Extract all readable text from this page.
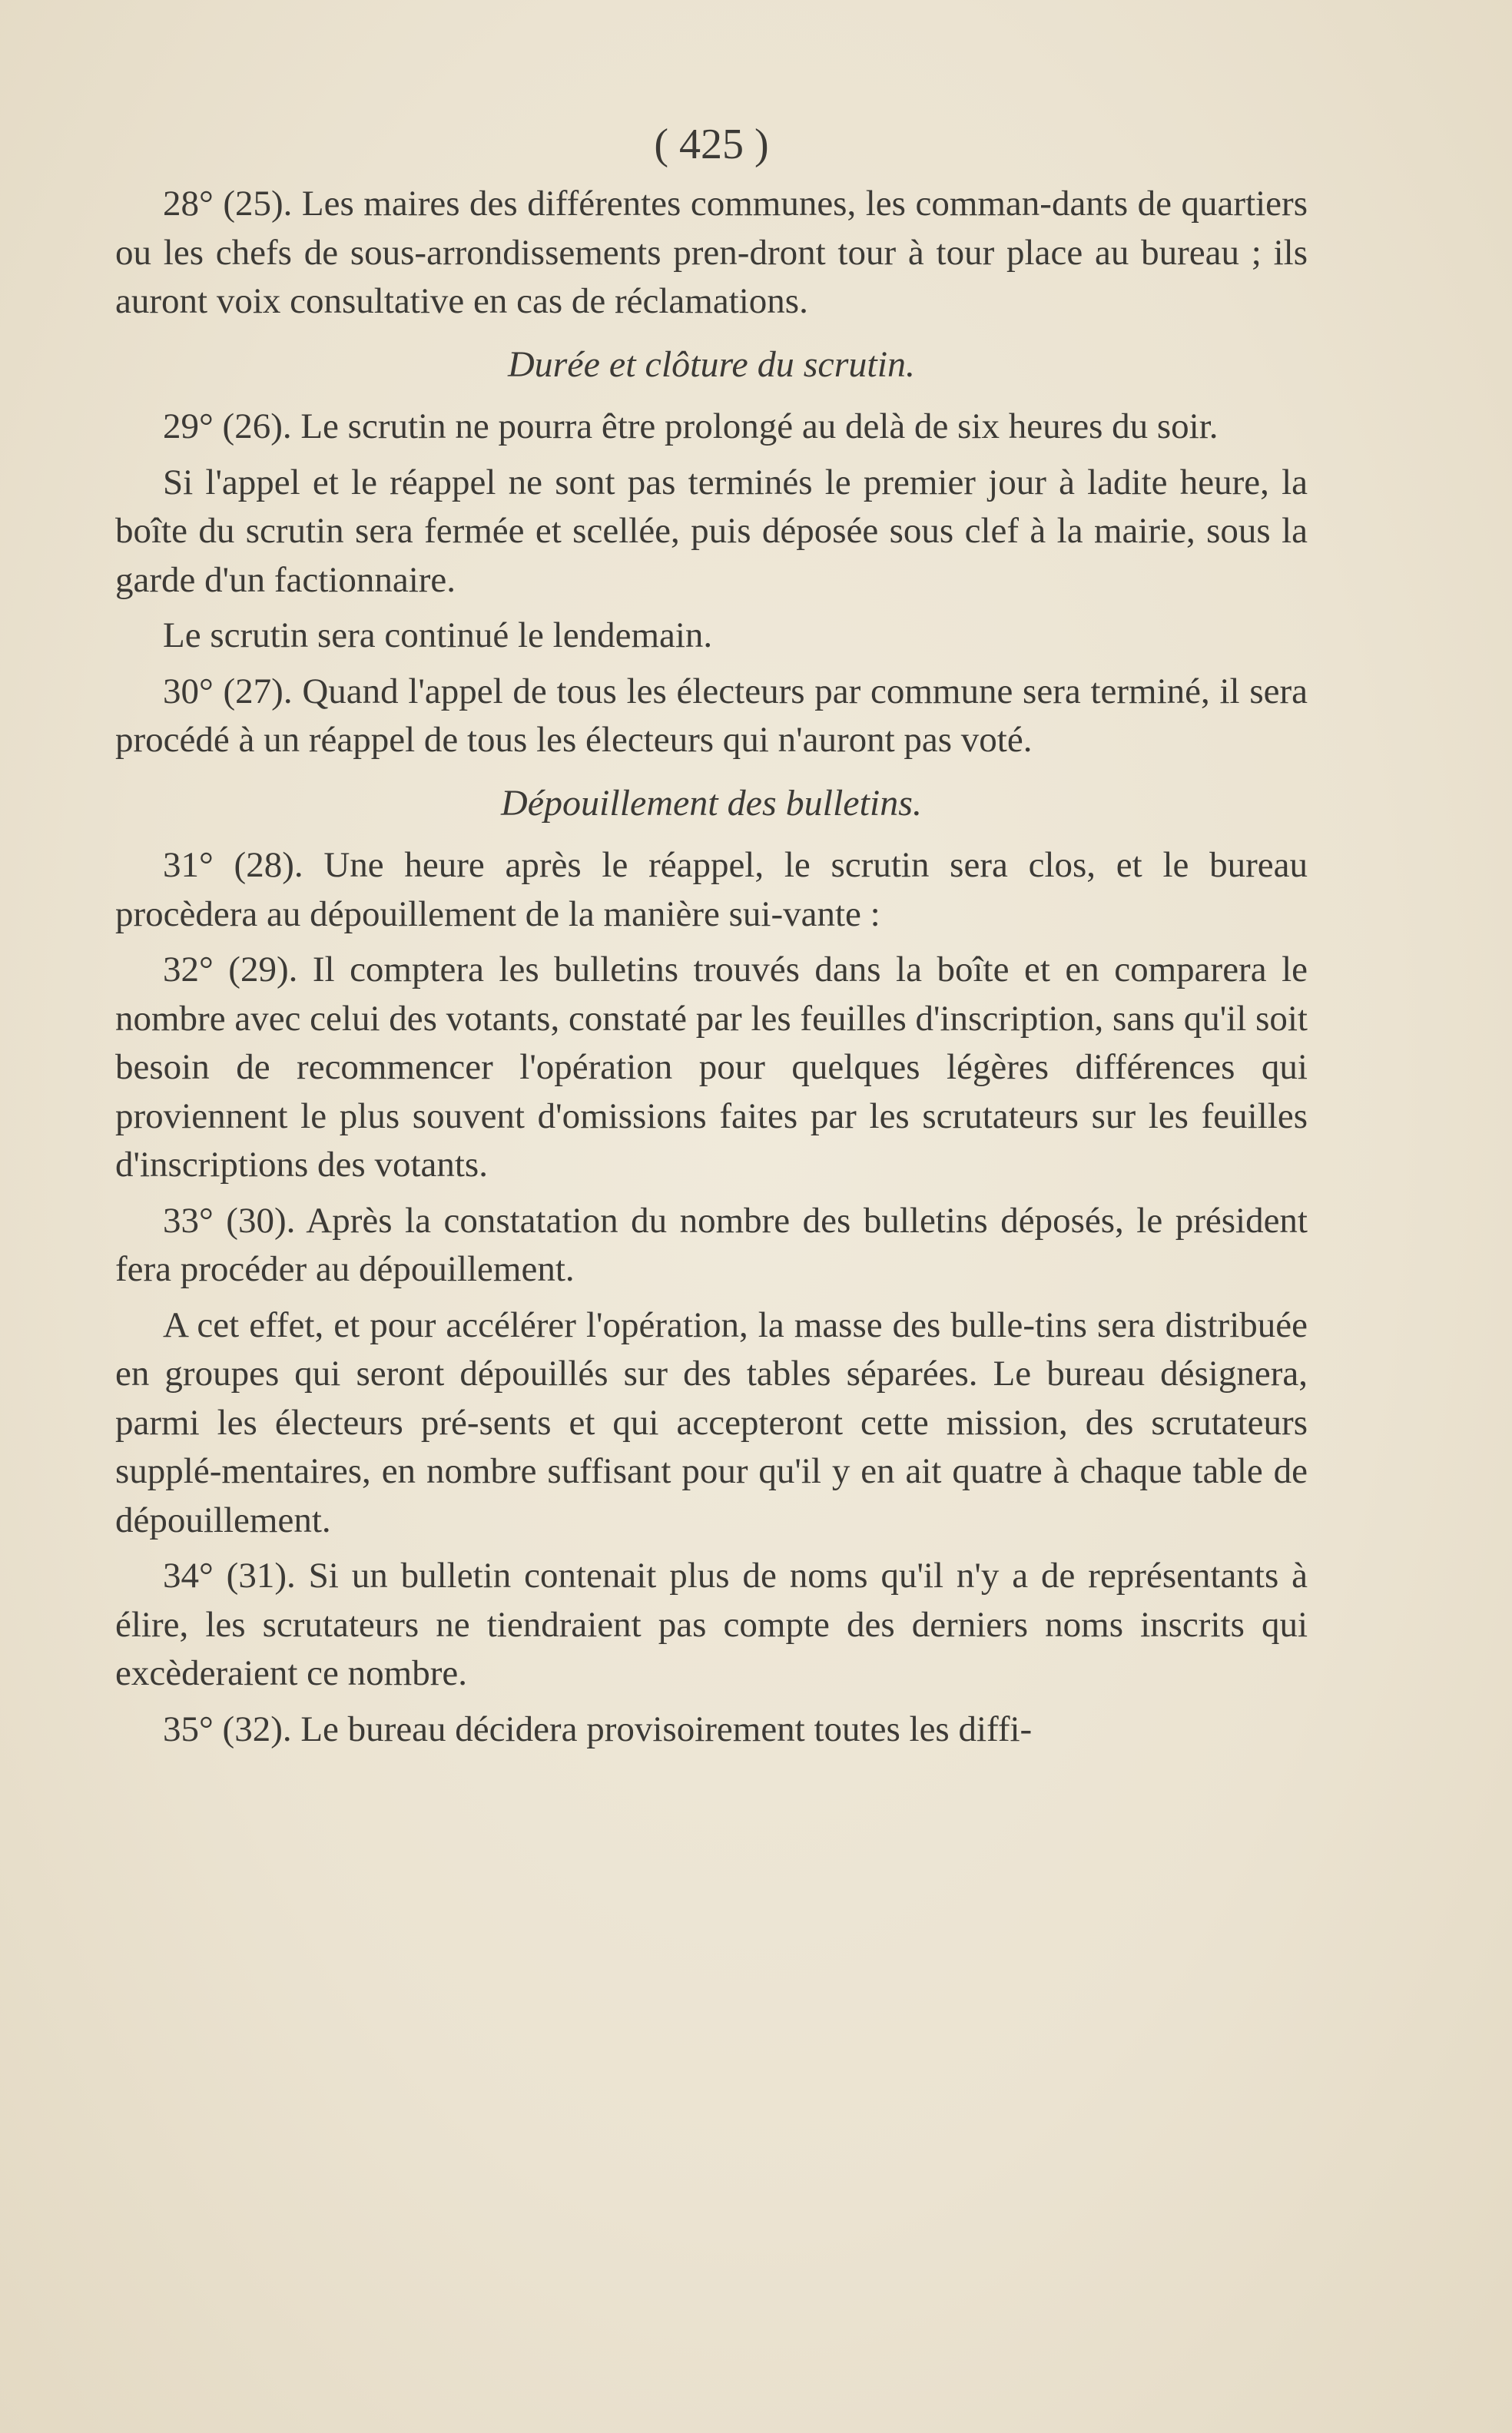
( 425 )

28° (25). Les maires des différentes communes, les comman-dants de quartiers ou les chefs de sous-arrondissements pren-dront tour à tour place au bureau ; ils auront voix consultative en cas de réclamations.

Durée et clôture du scrutin.

29° (26). Le scrutin ne pourra être prolongé au delà de six heures du soir.

Si l'appel et le réappel ne sont pas terminés le premier jour à ladite heure, la boîte du scrutin sera fermée et scellée, puis déposée sous clef à la mairie, sous la garde d'un factionnaire.

Le scrutin sera continué le lendemain.

30° (27). Quand l'appel de tous les électeurs par commune sera terminé, il sera procédé à un réappel de tous les électeurs qui n'auront pas voté.

Dépouillement des bulletins.

31° (28). Une heure après le réappel, le scrutin sera clos, et le bureau procèdera au dépouillement de la manière sui-vante :

32° (29). Il comptera les bulletins trouvés dans la boîte et en comparera le nombre avec celui des votants, constaté par les feuilles d'inscription, sans qu'il soit besoin de recommencer l'opération pour quelques légères différences qui proviennent le plus souvent d'omissions faites par les scrutateurs sur les feuilles d'inscriptions des votants.

33° (30). Après la constatation du nombre des bulletins déposés, le président fera procéder au dépouillement.

A cet effet, et pour accélérer l'opération, la masse des bulle-tins sera distribuée en groupes qui seront dépouillés sur des tables séparées. Le bureau désignera, parmi les électeurs pré-sents et qui accepteront cette mission, des scrutateurs supplé-mentaires, en nombre suffisant pour qu'il y en ait quatre à chaque table de dépouillement.

34° (31). Si un bulletin contenait plus de noms qu'il n'y a de représentants à élire, les scrutateurs ne tiendraient pas compte des derniers noms inscrits qui excèderaient ce nombre.

35° (32). Le bureau décidera provisoirement toutes les diffi-
